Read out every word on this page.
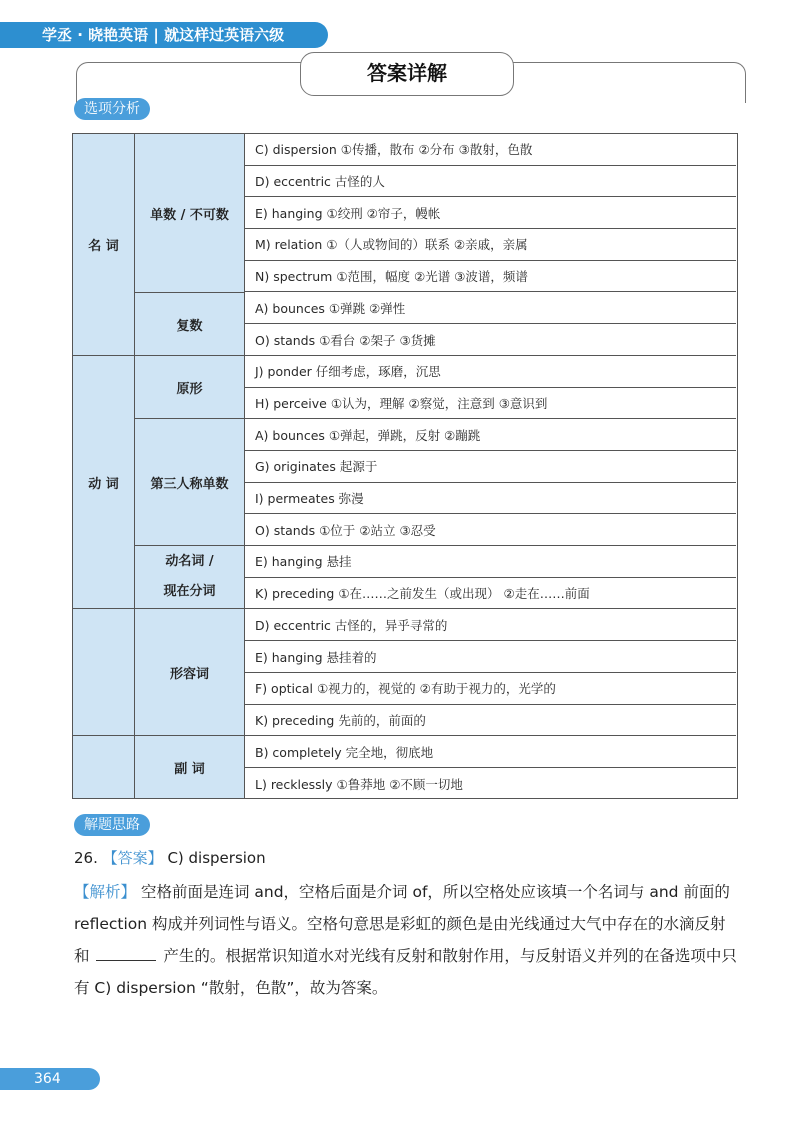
学丞 · 晓艳英语 | 就这样过英语六级
答案详解
选项分析
名 词
动 词
单数 / 不可数
复数
原形
第三人称单数
动名词 /
现在分词
形容词
副 词
C) dispersion ①传播，散布 ②分布 ③散射，色散
D) eccentric 古怪的人
E) hanging ①绞刑 ②帘子，幔帐
M) relation ①（人或物间的）联系 ②亲戚，亲属
N) spectrum ①范围，幅度 ②光谱 ③波谱，频谱
A) bounces ①弹跳 ②弹性
O) stands ①看台 ②架子 ③货摊
J) ponder 仔细考虑，琢磨，沉思
H) perceive ①认为，理解 ②察觉，注意到 ③意识到
A) bounces ①弹起，弹跳，反射 ②蹦跳
G) originates 起源于
I) permeates 弥漫
O) stands ①位于 ②站立 ③忍受
E) hanging 悬挂
K) preceding ①在……之前发生（或出现） ②走在……前面
D) eccentric 古怪的，异乎寻常的
E) hanging 悬挂着的
F) optical ①视力的，视觉的 ②有助于视力的，光学的
K) preceding 先前的，前面的
B) completely 完全地，彻底地
L) recklessly ①鲁莽地 ②不顾一切地
解题思路
26. 【答案】 C) dispersion
【解析】 空格前面是连词 and，空格后面是介词 of，所以空格处应该填一个名词与 and 前面的 reflection 构成并列词性与语义。空格句意思是彩虹的颜色是由光线通过大气中存在的水滴反射和	产生的。根据常识知道水对光线有反射和散射作用，与反射语义并列的在备选项中只有 C) dispersion “散射，色散”，故为答案。
364
